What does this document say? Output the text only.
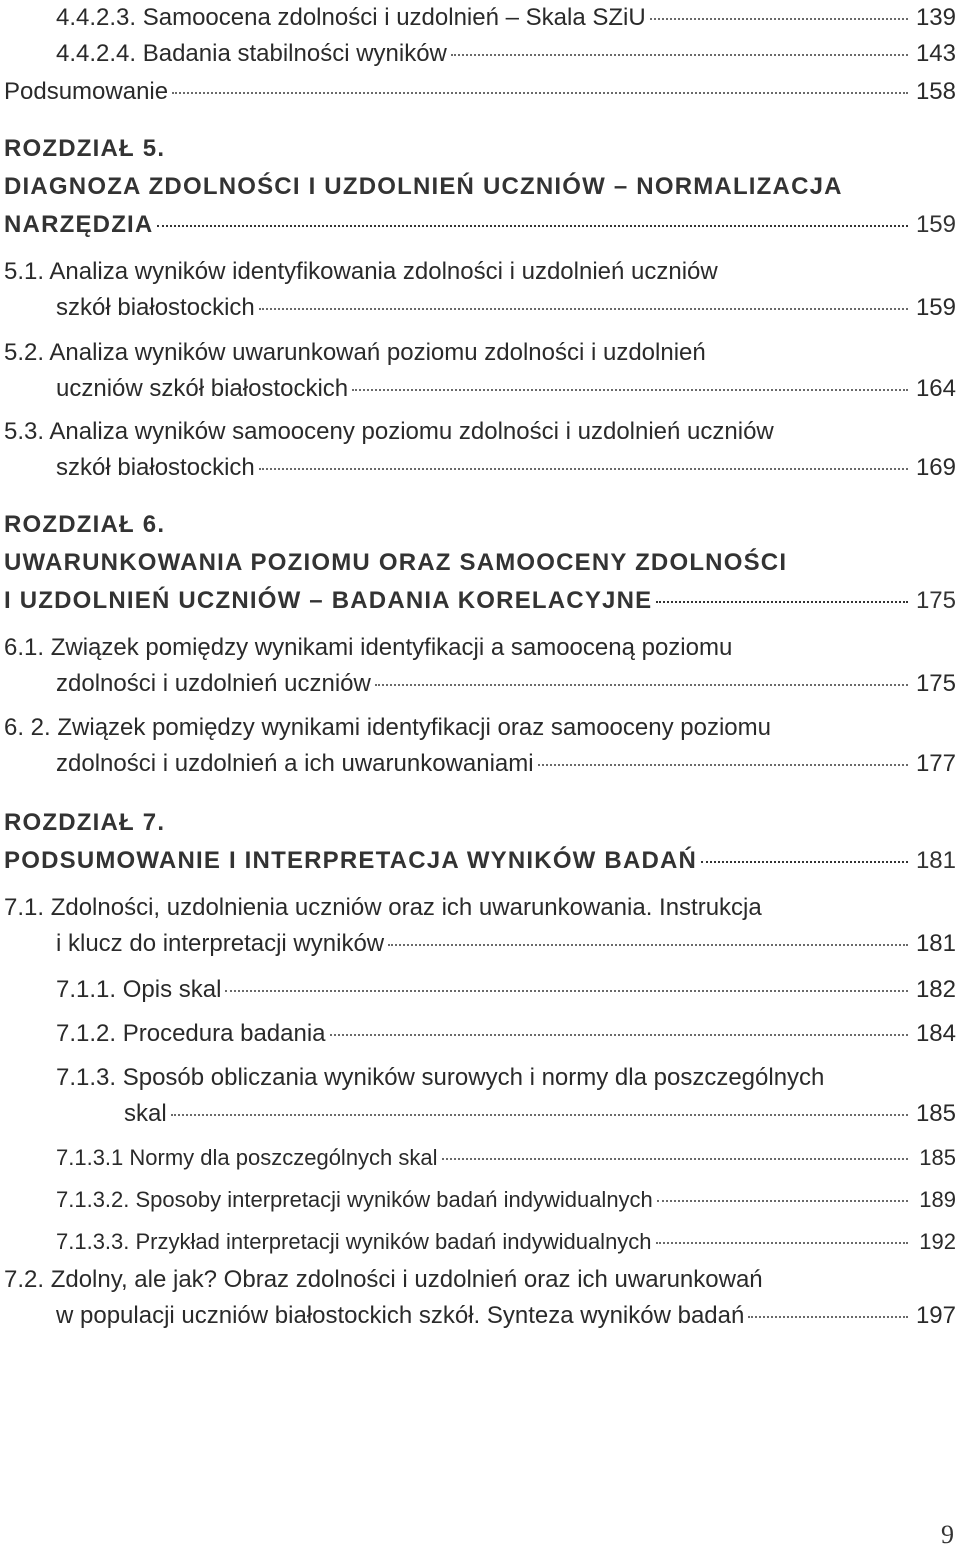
4.4.2.3. Samoocena zdolności i uzdolnień – Skala SZiU	139
4.4.2.4. Badania stabilności wyników	143
Podsumowanie	158
ROZDZIAŁ 5.
DIAGNOZA ZDOLNOŚCI I UZDOLNIEŃ UCZNIÓW – NORMALIZACJA
NARZĘDZIA	159
5.1. Analiza wyników identyfikowania zdolności i uzdolnień uczniów
szkół białostockich	159
5.2. Analiza wyników uwarunkowań poziomu zdolności i uzdolnień
uczniów szkół białostockich	164
5.3. Analiza wyników samooceny poziomu zdolności i uzdolnień uczniów
szkół białostockich	169
ROZDZIAŁ 6.
UWARUNKOWANIA POZIOMU ORAZ SAMOOCENY ZDOLNOŚCI
I UZDOLNIEŃ UCZNIÓW – BADANIA KORELACYJNE	175
6.1. Związek pomiędzy wynikami identyfikacji a samooceną poziomu
zdolności i uzdolnień uczniów	175
6. 2. Związek pomiędzy wynikami identyfikacji oraz samooceny poziomu
zdolności i uzdolnień a ich uwarunkowaniami	177
ROZDZIAŁ 7.
PODSUMOWANIE I INTERPRETACJA WYNIKÓW BADAŃ	181
7.1. Zdolności, uzdolnienia uczniów oraz ich uwarunkowania. Instrukcja
i klucz do interpretacji wyników	181
7.1.1. Opis skal	182
7.1.2. Procedura badania	184
7.1.3. Sposób obliczania wyników surowych i normy dla poszczególnych
skal	185
7.1.3.1 Normy dla poszczególnych skal	185
7.1.3.2. Sposoby interpretacji wyników badań indywidualnych	189
7.1.3.3. Przykład interpretacji wyników badań indywidualnych	192
7.2. Zdolny, ale jak? Obraz zdolności i uzdolnień oraz ich uwarunkowań
w populacji uczniów białostockich szkół. Synteza wyników badań	197
9
